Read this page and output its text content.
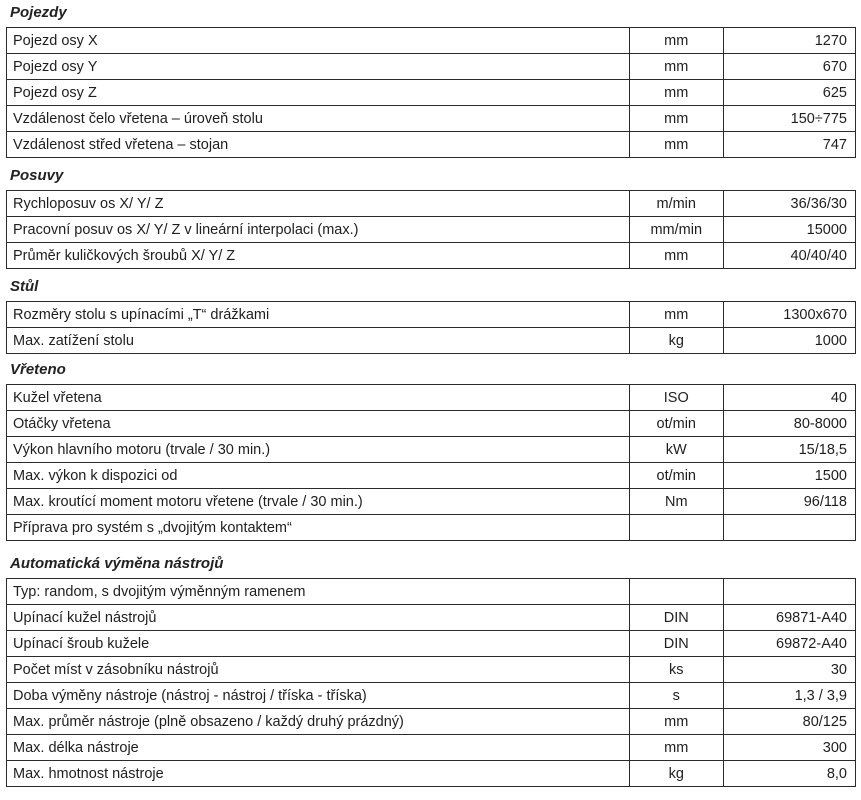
Pojezdy
Pojezd osy X	mm	1270
Pojezd osy Y	mm	670
Pojezd osy Z	mm	625
Vzdálenost čelo vřetena – úroveň stolu	mm	150÷775
Vzdálenost střed vřetena – stojan	mm	747
Posuvy
Rychloposuv os X/ Y/ Z	m/min	36/36/30
Pracovní posuv os X/ Y/ Z v lineární interpolaci (max.)	mm/min	15000
Průměr kuličkových šroubů X/ Y/ Z	mm	40/40/40
Stůl
Rozměry stolu s upínacími „T“ drážkami	mm	1300x670
Max. zatížení stolu	kg	1000
Vřeteno
Kužel vřetena	ISO	40
Otáčky vřetena	ot/min	80-8000
Výkon hlavního motoru (trvale / 30 min.)	kW	15/18,5
Max. výkon k dispozici od	ot/min	1500
Max. kroutící moment motoru vřetene (trvale / 30 min.)	Nm	96/118
Příprava pro systém s „dvojitým kontaktem“		
Automatická výměna nástrojů
Typ: random, s dvojitým výměnným ramenem		
Upínací kužel nástrojů	DIN	69871-A40
Upínací šroub kužele	DIN	69872-A40
Počet míst v zásobníku nástrojů	ks	30
Doba výměny nástroje (nástroj - nástroj / tříska - tříska)	s	1,3 / 3,9
Max. průměr nástroje (plně obsazeno / každý druhý prázdný)	mm	80/125
Max. délka nástroje	mm	300
Max. hmotnost nástroje	kg	8,0
